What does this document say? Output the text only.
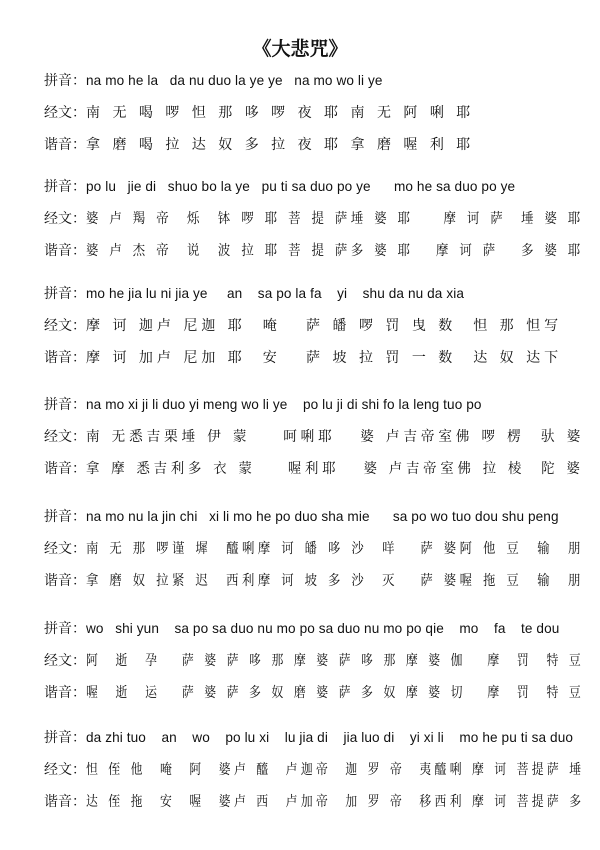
《大悲咒》
拼音：na mo he la   da nu duo la ye ye   na mo wo li ye
经文：南 无 喝 啰 怛 那 哆 啰 夜 耶 南 无 阿 唎 耶
谐音：拿 磨 喝 拉 达 奴 多 拉 夜 耶 拿 磨 喔 利 耶
拼音：po lu   jie di   shuo bo la ye   pu ti sa duo po ye      mo he sa duo po ye
经文：婆 卢 羯 帝  烁  钵 啰 耶 菩 提 萨埵 婆 耶    摩 诃 萨  埵 婆 耶
谐音：婆 卢 杰 帝  说  波 拉 耶 菩 提 萨多 婆 耶   摩 诃 萨   多 婆 耶
拼音：mo he jia lu ni jia ye     an    sa po la fa    yi    shu da nu da xia
经文：摩 诃 迦卢 尼迦 耶  唵   萨 皤 啰 罚 曳 数  怛 那 怛写
谐音：摩 诃 加卢 尼加 耶  安   萨 坡 拉 罚 一 数  达 奴 达下
拼音：na mo xi ji li duo yi meng wo li ye    po lu ji di shi fo la leng tuo po
经文：南 无悉吉栗埵 伊 蒙    呵唎耶   婆 卢吉帝室佛 啰 楞  驮 婆
谐音：拿 摩 悉吉利多 衣 蒙    喔利耶   婆 卢吉帝室佛 拉 棱  陀 婆
拼音：na mo nu la jin chi   xi li mo he po duo sha mie      sa po wo tuo dou shu peng
经文：南 无 那 啰谨 墀  醯唎摩 诃 皤 哆 沙  咩   萨 婆阿 他 豆  输  朋
谐音：拿 磨 奴 拉紧 迟  西利摩 诃 坡 多 沙  灭   萨 婆喔 拖 豆  输  朋
拼音：wo   shi yun    sa po sa duo nu mo po sa duo nu mo po qie    mo    fa    te dou
经文：阿  逝  孕   萨 婆 萨 哆 那 摩 婆 萨 哆 那 摩 婆 伽   摩  罚  特 豆
谐音：喔  逝  运   萨 婆 萨 多 奴 磨 婆 萨 多 奴 摩 婆 切   摩  罚  特 豆
拼音：da zhi tuo    an    wo    po lu xi    lu jia di    jia luo di    yi xi li    mo he pu ti sa duo
经文：怛 侄 他  唵  阿  婆卢 醯  卢迦帝  迦 罗 帝  夷醯唎 摩 诃 菩提萨 埵
谐音：达 侄 拖  安  喔  婆卢 西  卢加帝  加 罗 帝  移西利 摩 诃 菩提萨 多
